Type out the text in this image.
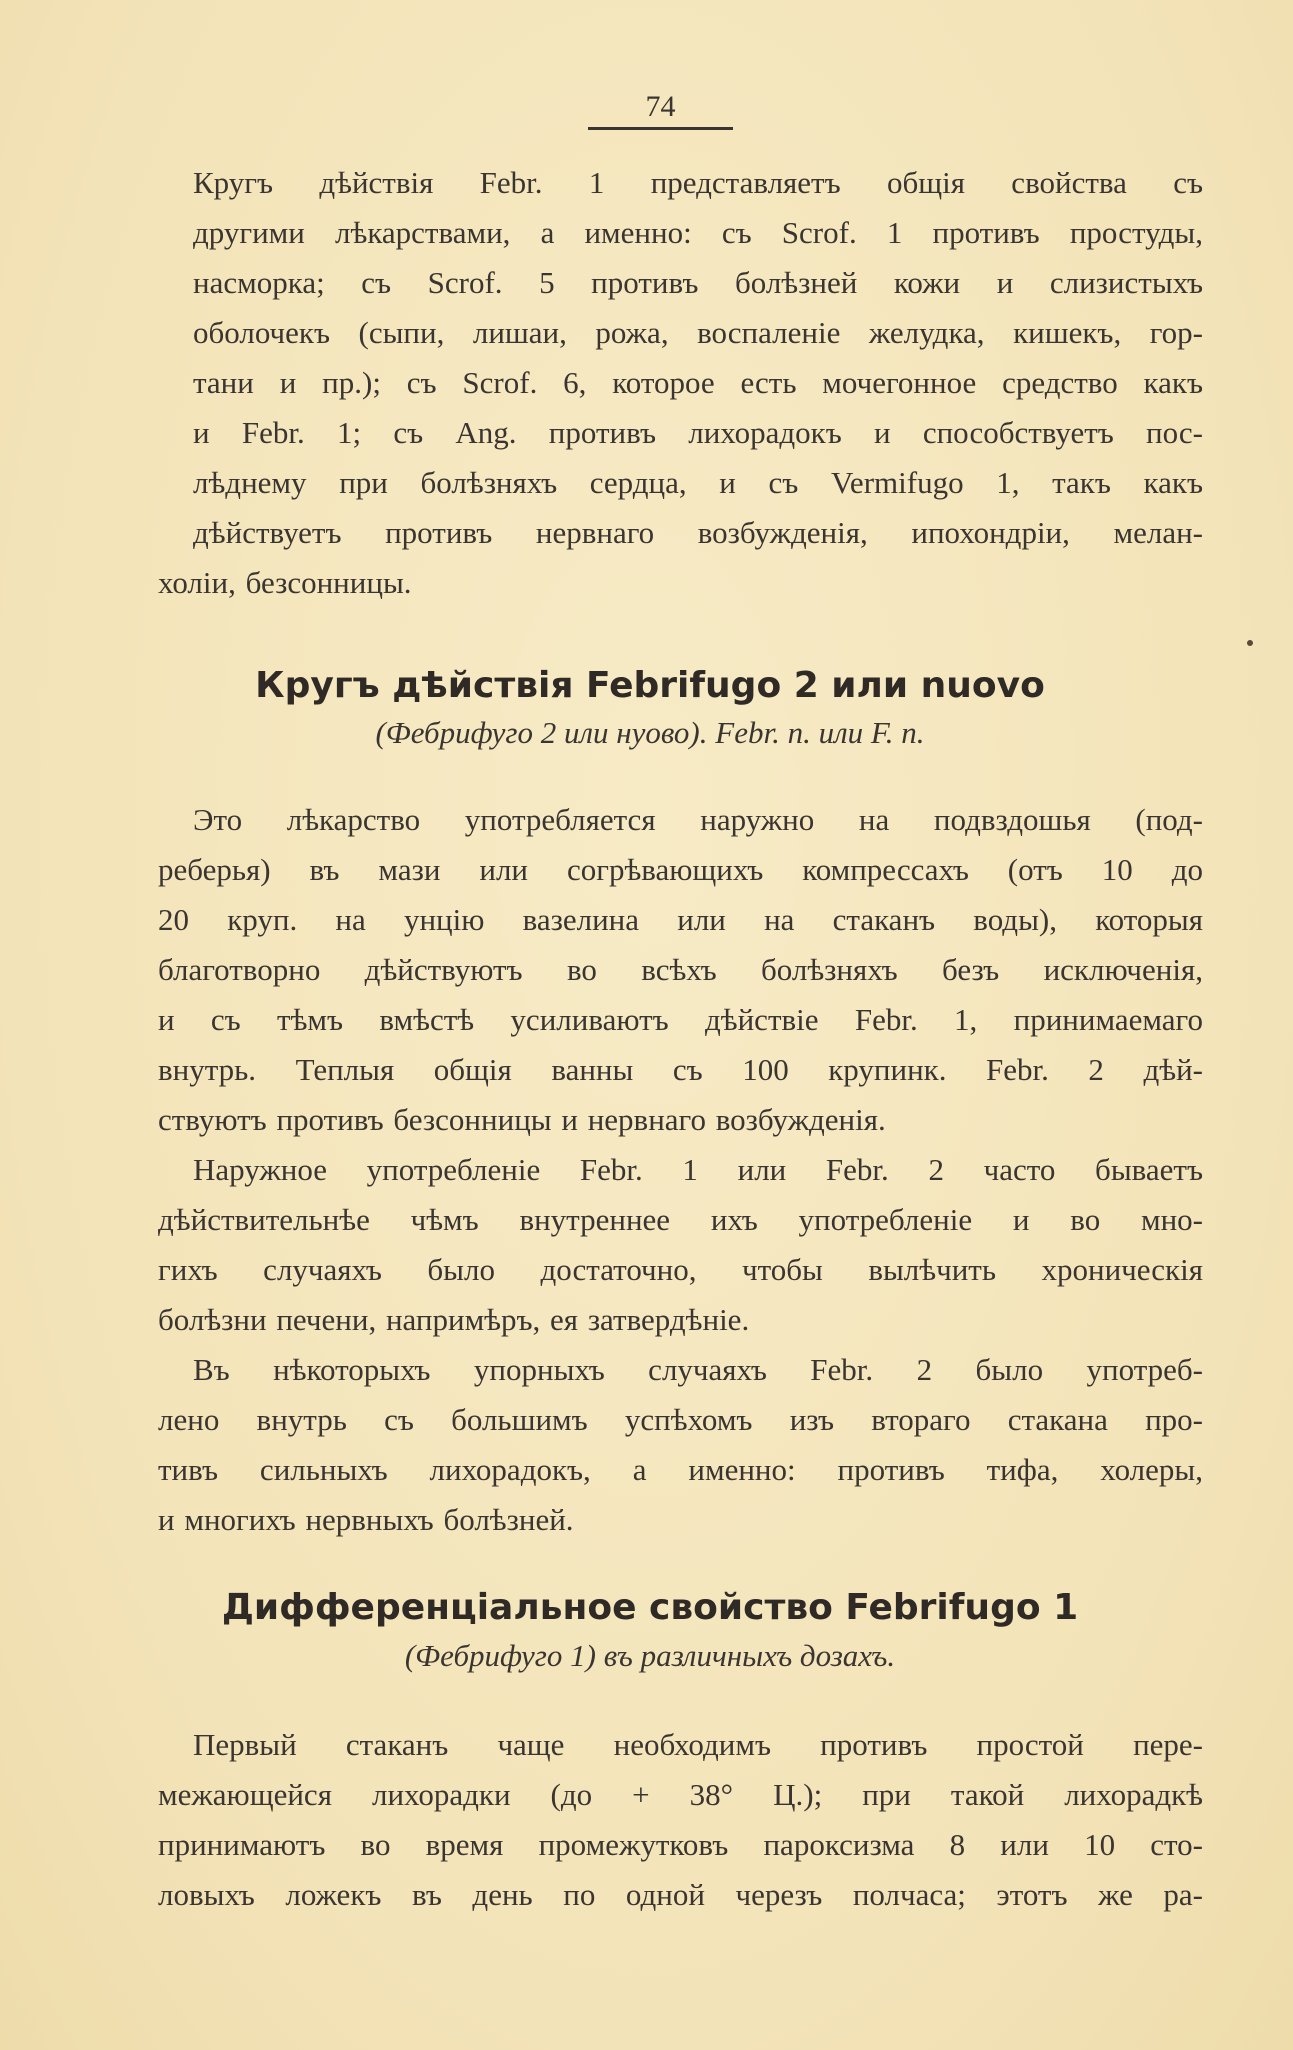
74
Кругъ дѣйствія Febr. 1 представляетъ общія свойства съ
другими лѣкарствами, а именно: съ Scrof. 1 противъ простуды,
насморка; съ Scrof. 5 противъ болѣзней кожи и слизистыхъ
оболочекъ (сыпи, лишаи, рожа, воспаленіе желудка, кишекъ, гор-
тани и пр.); съ Scrof. 6, которое есть мочегонное средство какъ
и Febr. 1; съ Ang. противъ лихорадокъ и способствуетъ пос-
лѣднему при болѣзняхъ сердца, и съ Vermifugo 1, такъ какъ
дѣйствуетъ противъ нервнаго возбужденія, ипохондріи, мелан-
холіи, безсонницы.
Кругъ дѣйствія Febrifugo 2 или nuovo
(Фебрифуго 2 или нуово). Febr. n. или F. n.
Это лѣкарство употребляется наружно на подвздошья (под-
реберья) въ мази или согрѣвающихъ компрессахъ (отъ 10 до
20 круп. на унцію вазелина или на стаканъ воды), которыя
благотворно дѣйствуютъ во всѣхъ болѣзняхъ безъ исключенія,
и съ тѣмъ вмѣстѣ усиливаютъ дѣйствіе Febr. 1, принимаемаго
внутрь. Теплыя общія ванны съ 100 крупинк. Febr. 2 дѣй-
ствуютъ противъ безсонницы и нервнаго возбужденія.
Наружное употребленіе Febr. 1 или Febr. 2 часто бываетъ
дѣйствительнѣе чѣмъ внутреннее ихъ употребленіе и во мно-
гихъ случаяхъ было достаточно, чтобы вылѣчить хроническія
болѣзни печени, напримѣръ, ея затвердѣніе.
Въ нѣкоторыхъ упорныхъ случаяхъ Febr. 2 было употреб-
лено внутрь съ большимъ успѣхомъ изъ втораго стакана про-
тивъ сильныхъ лихорадокъ, а именно: противъ тифа, холеры,
и многихъ нервныхъ болѣзней.
Дифференціальное свойство Febrifugo 1
(Фебрифуго 1) въ различныхъ дозахъ.
Первый стаканъ чаще необходимъ противъ простой пере-
межающейся лихорадки (до + 38° Ц.); при такой лихорадкѣ
принимаютъ во время промежутковъ пароксизма 8 или 10 сто-
ловыхъ ложекъ въ день по одной черезъ полчаса; этотъ же ра-
